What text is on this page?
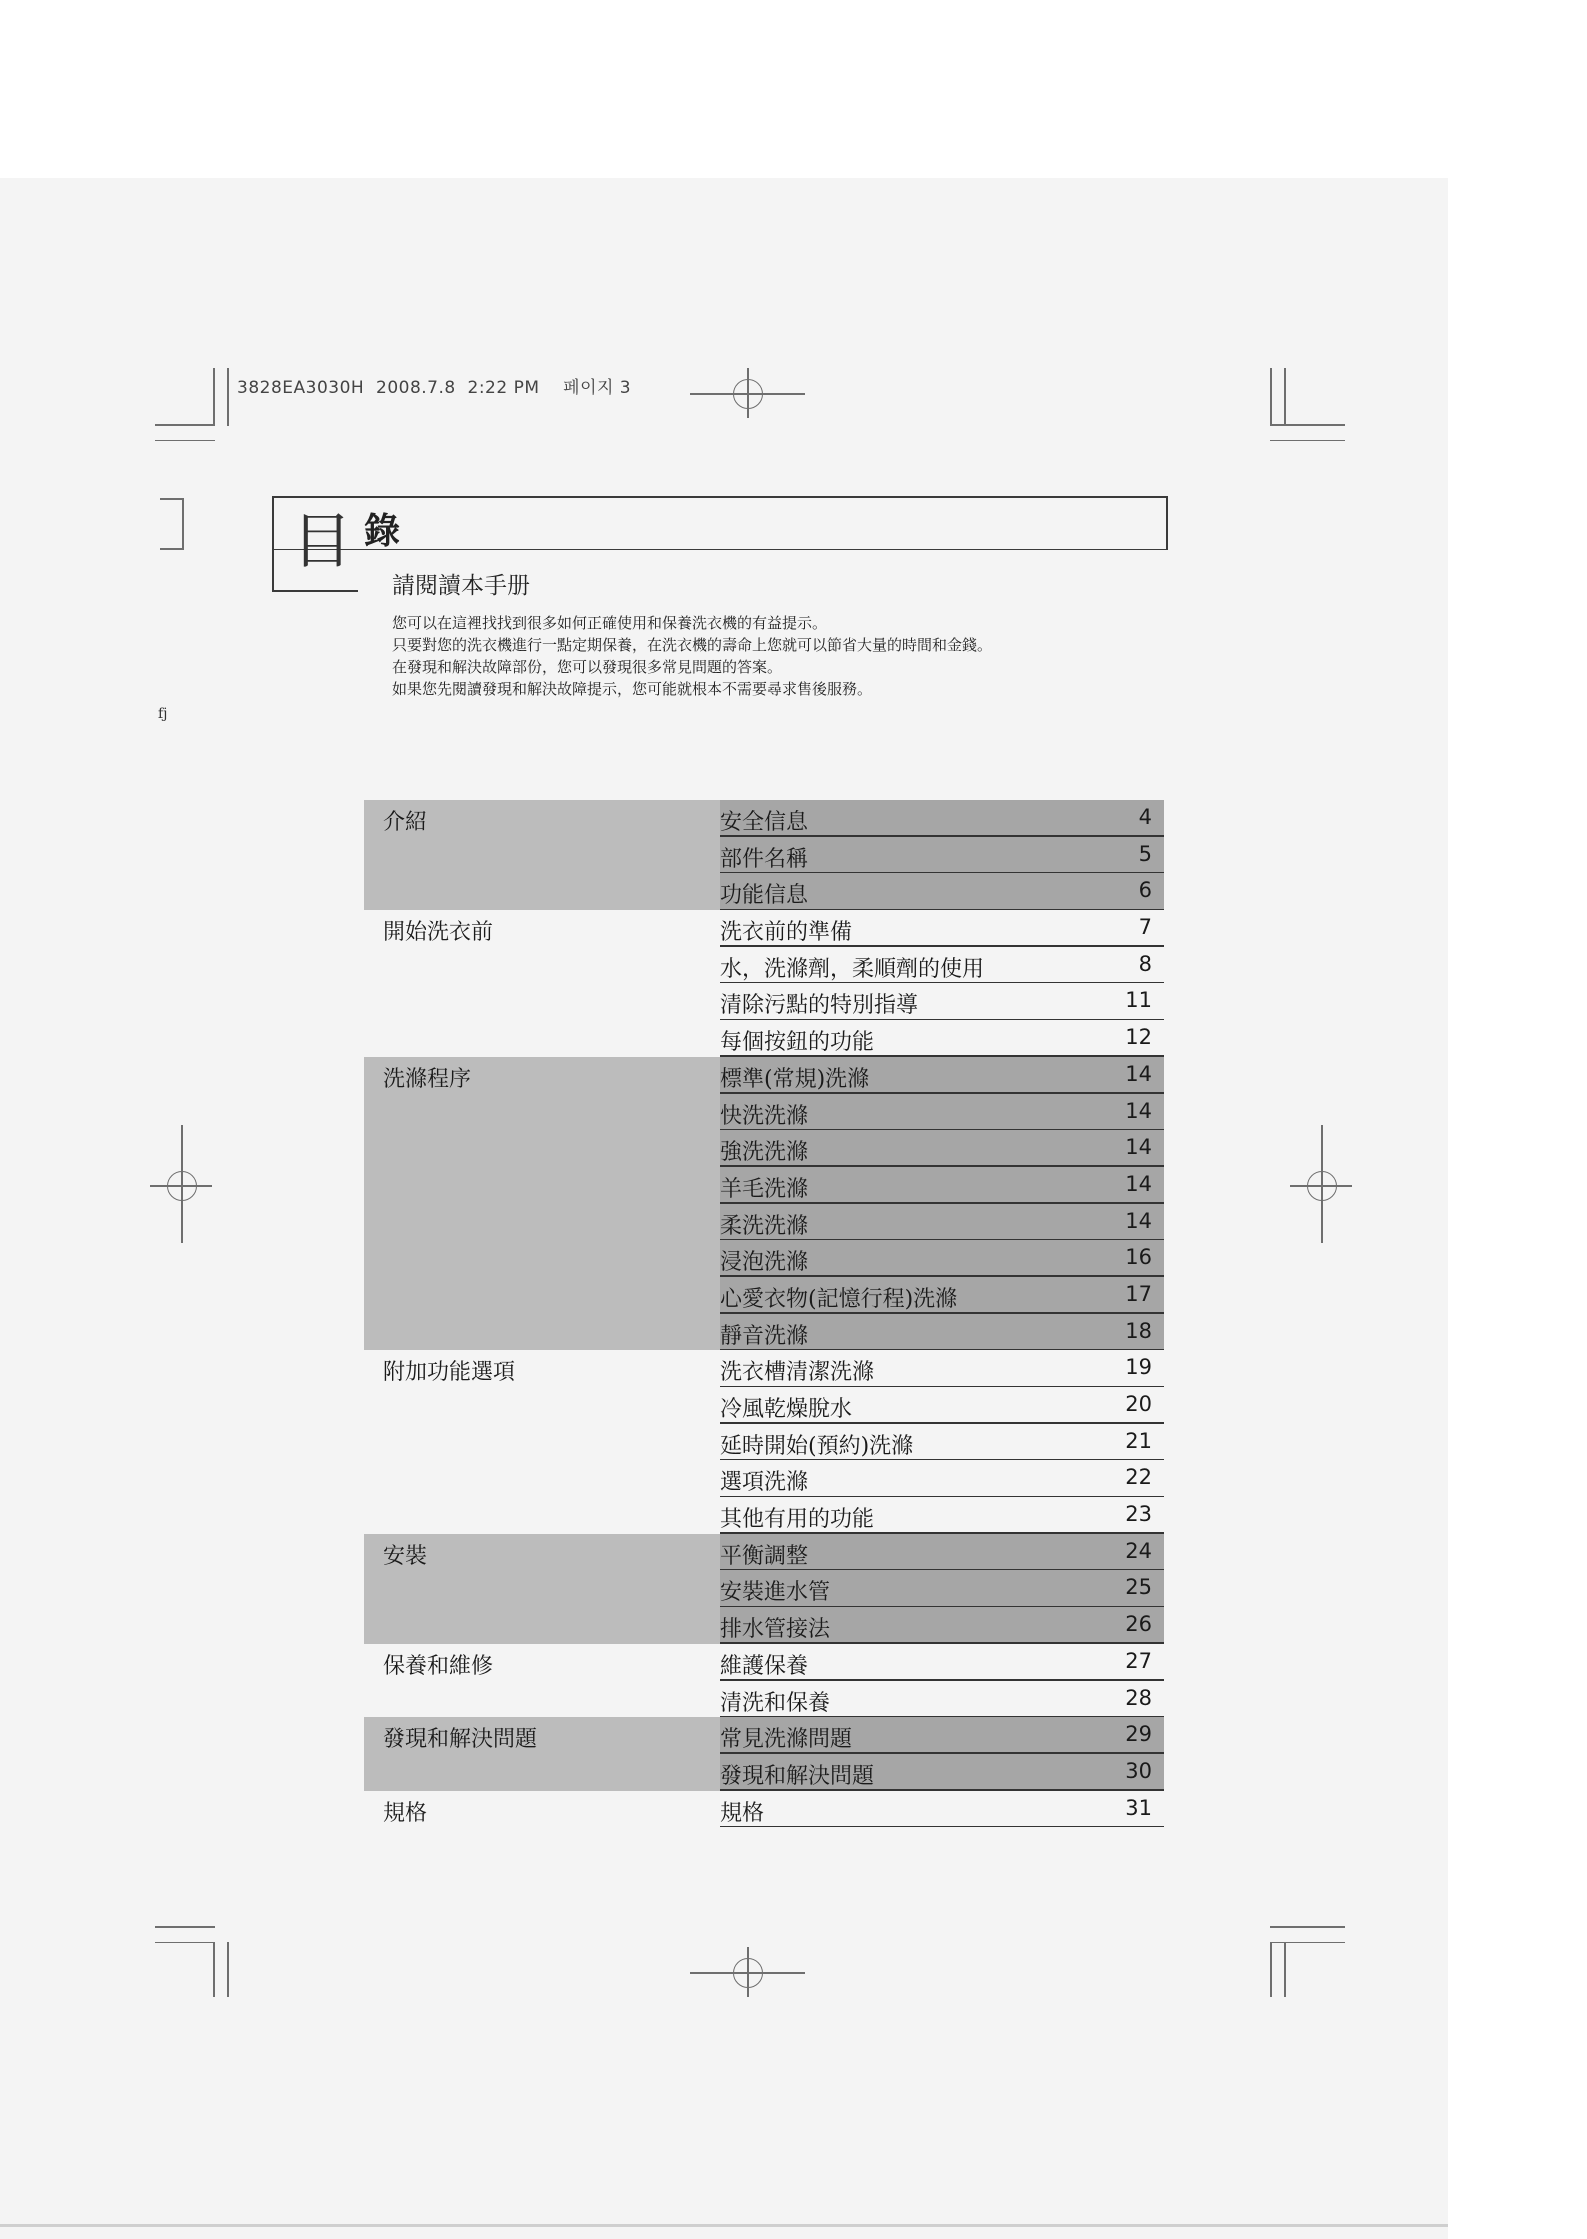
3828EA3030H 2008.7.8  2:22 PM 페이지 3
fj
目 錄
請閱讀本手册

您可以在這裡找找到很多如何正確使用和保養洗衣機的有益提示。

只要對您的洗衣機進行一點定期保養，在洗衣機的壽命上您就可以節省大量的時間和金錢。

在發現和解決故障部份，您可以發現很多常見問題的答案。

如果您先閱讀發現和解決故障提示，您可能就根本不需要尋求售後服務。

介紹	安全信息	4
部件名稱	5
功能信息	6
開始洗衣前	洗衣前的準備	7
水，洗滌劑，柔順劑的使用	8
清除污點的特別指導	11
每個按鈕的功能	12
洗滌程序	標準(常規)洗滌	14
快洗洗滌	14
強洗洗滌	14
羊毛洗滌	14
柔洗洗滌	14
浸泡洗滌	16
心愛衣物(記憶行程)洗滌	17
靜音洗滌	18
附加功能選項	洗衣槽清潔洗滌	19
冷風乾燥脫水	20
延時開始(預約)洗滌	21
選項洗滌	22
其他有用的功能	23
安裝	平衡調整	24
安裝進水管	25
排水管接法	26
保養和維修	維護保養	27
清洗和保養	28
發現和解決問題	常見洗滌問題	29
發現和解決問題	30
規格	規格	31
